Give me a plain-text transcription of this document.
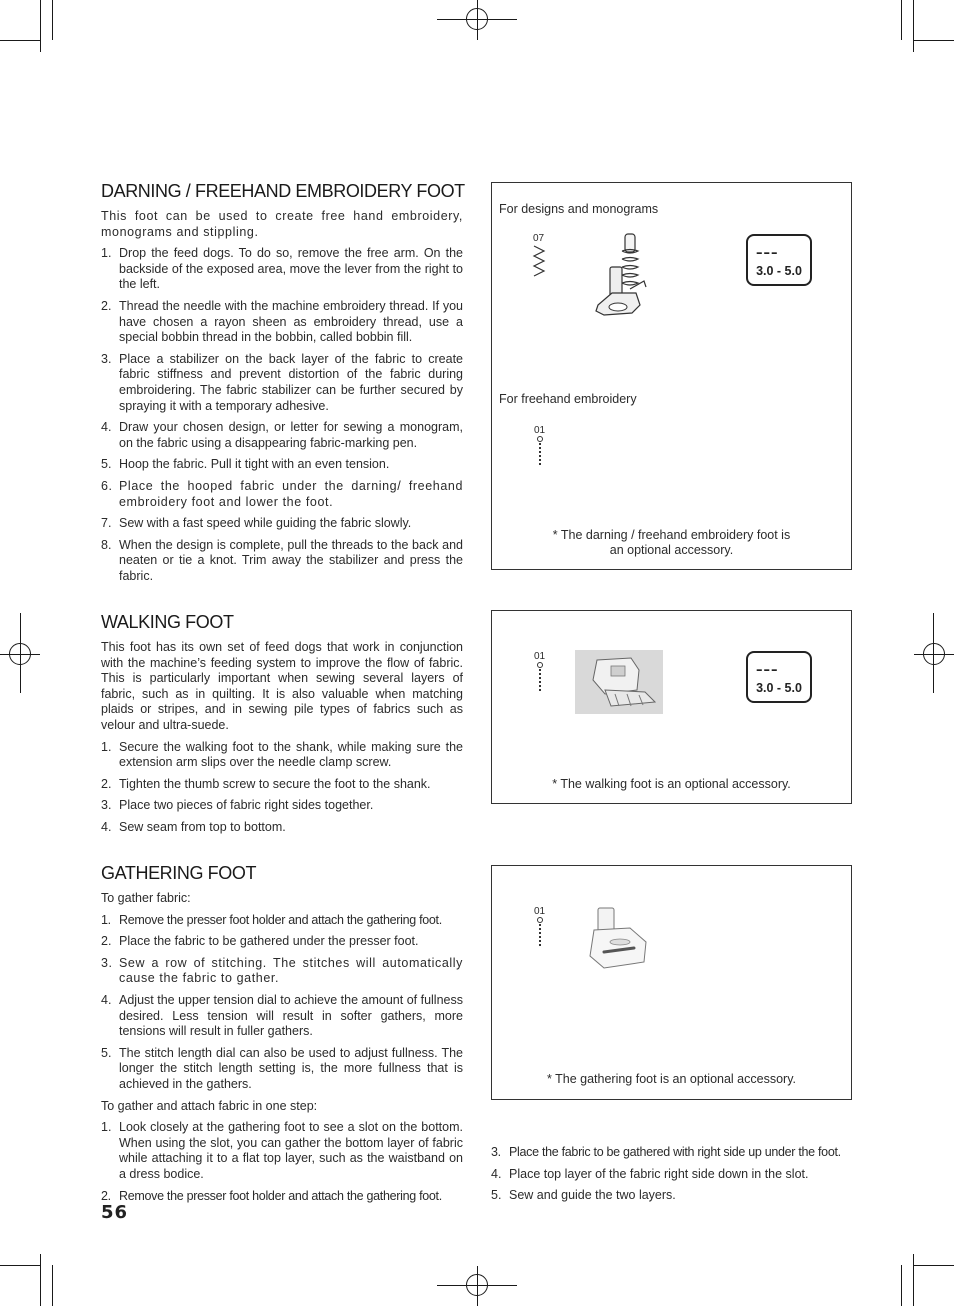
DARNING / FREEHAND EMBROIDERY FOOT

This foot can be used to create free hand embroidery, monograms and stippling.

1. Drop the feed dogs. To do so, remove the free arm. On the backside of the exposed area, move the lever from the right to the left.
2. Thread the needle with the machine embroidery thread. If you have chosen a rayon sheen as embroidery thread, use a special bobbin thread in the bobbin, called bobbin fill.
3. Place a stabilizer on the back layer of the fabric to create fabric stiffness and prevent distortion of the fabric during embroidering. The fabric stabilizer can be further secured by spraying it with a temporary adhesive.
4. Draw your chosen design, or letter for sewing a monogram, on the fabric using a disappearing fabric-marking pen.
5. Hoop the fabric. Pull it tight with an even tension.
6. Place the hooped fabric under the darning/ freehand embroidery foot and lower the foot.
7. Sew with a fast speed while guiding the fabric slowly.
8. When the design is complete, pull the threads to the back and neaten or tie a knot. Trim away the stabilizer and press the fabric.
For designs and monograms
07
–––
3.0 - 5.0
For freehand embroidery
01
* The darning / freehand embroidery foot is an optional accessory.
WALKING FOOT

This foot has its own set of feed dogs that work in conjunction with the machine’s feeding system to improve the flow of fabric. This is particularly important when sewing several layers of fabric, such as in quilting. It is also valuable when matching plaids or stripes, and in sewing pile types of fabrics such as velour and ultra-suede.

1. Secure the walking foot to the shank, while making sure the extension arm slips over the needle clamp screw.
2. Tighten the thumb screw to secure the foot to the shank.
3. Place two pieces of fabric right sides together.
4. Sew seam from top to bottom.
01
–––
3.0 - 5.0
* The walking foot is an optional accessory.
GATHERING FOOT

To gather fabric:

1. Remove the presser foot holder and attach the gathering foot.
2. Place the fabric to be gathered under the presser foot.
3. Sew a row of stitching. The stitches will automatically cause the fabric to gather.
4. Adjust the upper tension dial to achieve the amount of fullness desired. Less tension will result in softer gathers, more tensions will result in fuller gathers.
5. The stitch length dial can also be used to adjust fullness. The longer the stitch length setting is, the more fullness that is achieved in the gathers.

To gather and attach fabric in one step:

1. Look closely at the gathering foot to see a slot on the bottom. When using the slot, you can gather the bottom layer of fabric while attaching it to a flat top layer, such as the waistband on a dress bodice.
2. Remove the presser foot holder and attach the gathering foot.
01
* The gathering foot is an optional accessory.
3. Place the fabric to be gathered with right side up under the foot.
4. Place top layer of the fabric right side down in the slot.
5. Sew and guide the two layers.
56
